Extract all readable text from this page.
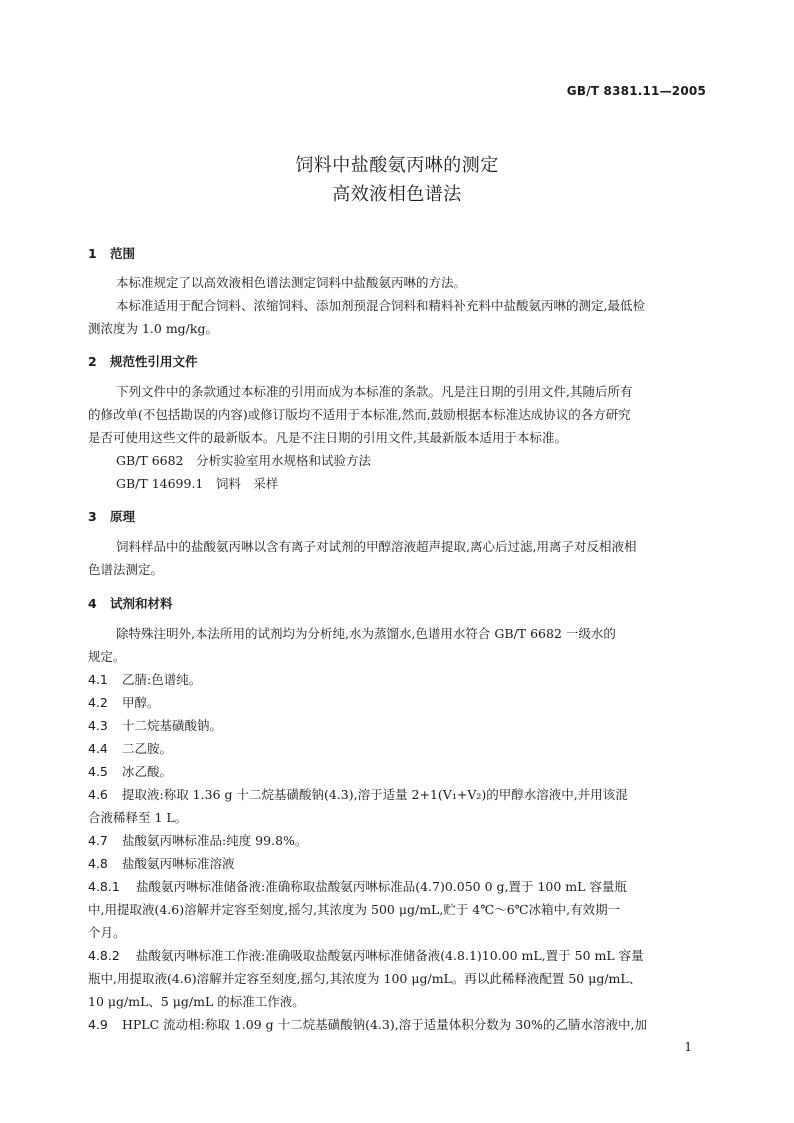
GB/T 8381.11—2005
饲料中盐酸氨丙啉的测定
高效液相色谱法
1 范围
本标准规定了以高效液相色谱法测定饲料中盐酸氨丙啉的方法。
本标准适用于配合饲料、浓缩饲料、添加剂预混合饲料和精料补充料中盐酸氨丙啉的测定,最低检
测浓度为 1.0 mg/kg。
2 规范性引用文件
下列文件中的条款通过本标准的引用而成为本标准的条款。凡是注日期的引用文件,其随后所有
的修改单(不包括勘误的内容)或修订版均不适用于本标准,然而,鼓励根据本标准达成协议的各方研究
是否可使用这些文件的最新版本。凡是不注日期的引用文件,其最新版本适用于本标准。
GB/T 6682　分析实验室用水规格和试验方法
GB/T 14699.1　饲料　采样
3 原理
饲料样品中的盐酸氨丙啉以含有离子对试剂的甲醇溶液超声提取,离心后过滤,用离子对反相液相
色谱法测定。
4 试剂和材料
除特殊注明外,本法所用的试剂均为分析纯,水为蒸馏水,色谱用水符合 GB/T 6682 一级水的
规定。
4.1 乙腈:色谱纯。
4.2 甲醇。
4.3 十二烷基磺酸钠。
4.4 二乙胺。
4.5 冰乙酸。
4.6 提取液:称取 1.36 g 十二烷基磺酸钠(4.3),溶于适量 2+1(V₁+V₂)的甲醇水溶液中,并用该混
合液稀释至 1 L。
4.7 盐酸氨丙啉标准品:纯度 99.8%。
4.8 盐酸氨丙啉标准溶液
4.8.1 盐酸氨丙啉标准储备液:准确称取盐酸氨丙啉标准品(4.7)0.050 0 g,置于 100 mL 容量瓶
中,用提取液(4.6)溶解并定容至刻度,摇匀,其浓度为 500 μg/mL,贮于 4℃～6℃冰箱中,有效期一
个月。
4.8.2 盐酸氨丙啉标准工作液:准确吸取盐酸氨丙啉标准储备液(4.8.1)10.00 mL,置于 50 mL 容量
瓶中,用提取液(4.6)溶解并定容至刻度,摇匀,其浓度为 100 μg/mL。再以此稀释液配置 50 μg/mL、
10 μg/mL、5 μg/mL 的标准工作液。
4.9 HPLC 流动相:称取 1.09 g 十二烷基磺酸钠(4.3),溶于适量体积分数为 30%的乙腈水溶液中,加
1
